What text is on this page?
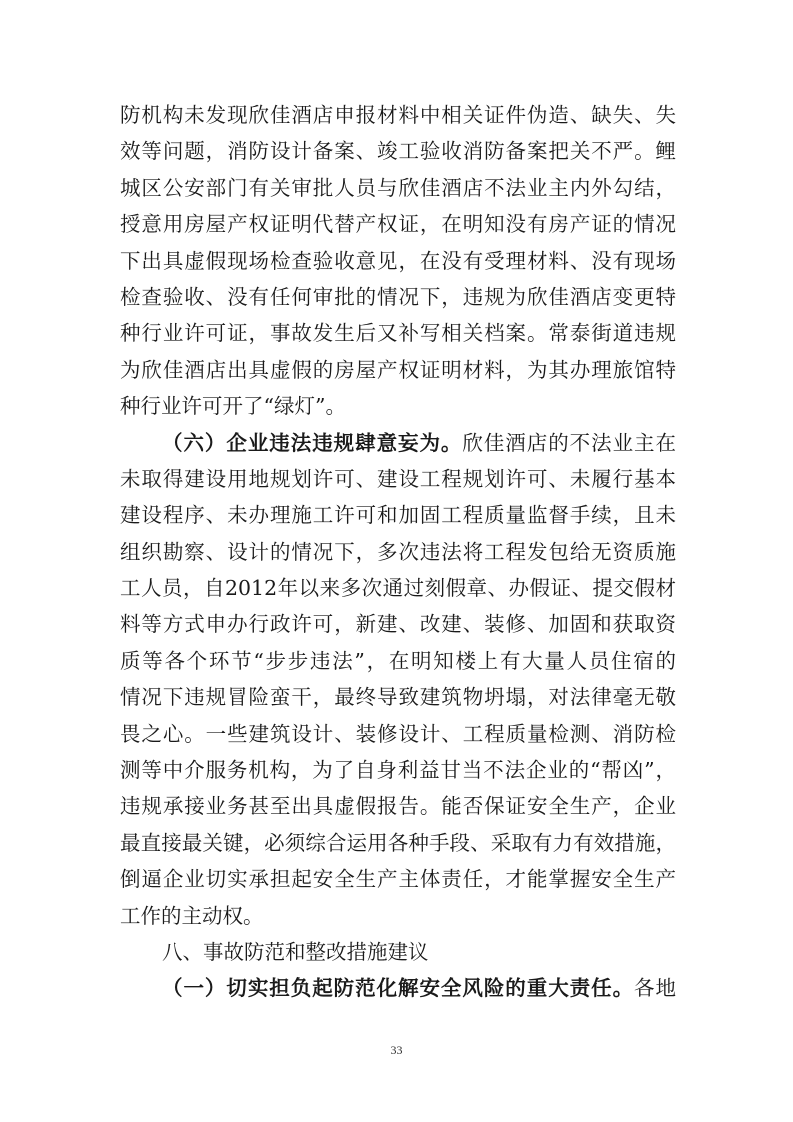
防机构未发现欣佳酒店申报材料中相关证件伪造、缺失、失
效等问题，消防设计备案、竣工验收消防备案把关不严。鲤
城区公安部门有关审批人员与欣佳酒店不法业主内外勾结，
授意用房屋产权证明代替产权证，在明知没有房产证的情况
下出具虚假现场检查验收意见，在没有受理材料、没有现场
检查验收、没有任何审批的情况下，违规为欣佳酒店变更特
种行业许可证，事故发生后又补写相关档案。常泰街道违规
为欣佳酒店出具虚假的房屋产权证明材料，为其办理旅馆特
种行业许可开了“绿灯”。
（六）企业违法违规肆意妄为。欣佳酒店的不法业主在
未取得建设用地规划许可、建设工程规划许可、未履行基本
建设程序、未办理施工许可和加固工程质量监督手续，且未
组织勘察、设计的情况下，多次违法将工程发包给无资质施
工人员，自2012年以来多次通过刻假章、办假证、提交假材
料等方式申办行政许可，新建、改建、装修、加固和获取资
质等各个环节“步步违法”，在明知楼上有大量人员住宿的
情况下违规冒险蛮干，最终导致建筑物坍塌，对法律毫无敬
畏之心。一些建筑设计、装修设计、工程质量检测、消防检
测等中介服务机构，为了自身利益甘当不法企业的“帮凶”，
违规承接业务甚至出具虚假报告。能否保证安全生产，企业
最直接最关键，必须综合运用各种手段、采取有力有效措施，
倒逼企业切实承担起安全生产主体责任，才能掌握安全生产
工作的主动权。
八、事故防范和整改措施建议
（一）切实担负起防范化解安全风险的重大责任。各地
33
